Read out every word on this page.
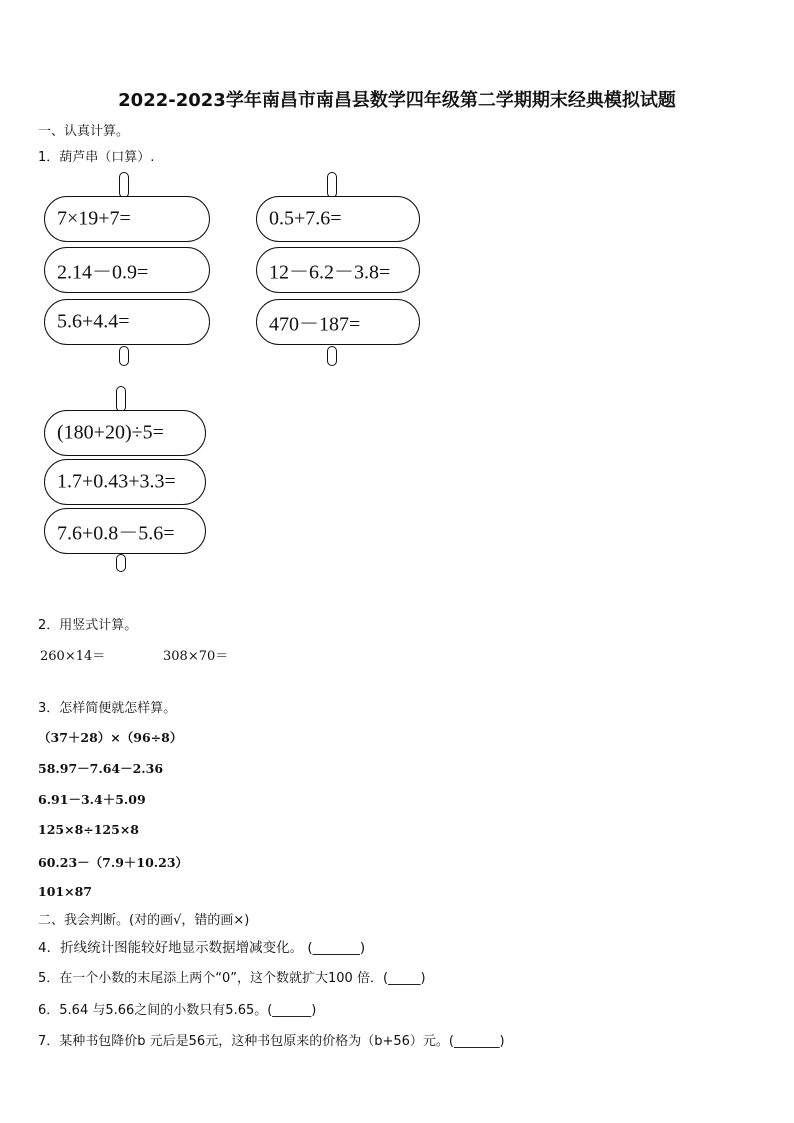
2022-2023学年南昌市南昌县数学四年级第二学期期末经典模拟试题
一、认真计算。
1．葫芦串（口算）.
7×19+7=
2.14－0.9=
5.6+4.4=
0.5+7.6=
12－6.2－3.8=
470－187=
(180+20)÷5=
1.7+0.43+3.3=
7.6+0.8－5.6=
2．用竖式计算。
260×14＝	308×70＝
3．怎样简便就怎样算。
（37＋28）×（96÷8）
58.97－7.64－2.36
6.91－3.4＋5.09
125×8÷125×8
60.23－（7.9＋10.23）
101×87
二、我会判断。(对的画√，错的画×)
4．折线统计图能较好地显示数据增减变化。 (_______)
5．在一个小数的末尾添上两个“0”，这个数就扩大100 倍．(_____)
6．5.64 与5.66之间的小数只有5.65。(______)
7．某种书包降价b 元后是56元，这种书包原来的价格为（b+56）元。(_______)
